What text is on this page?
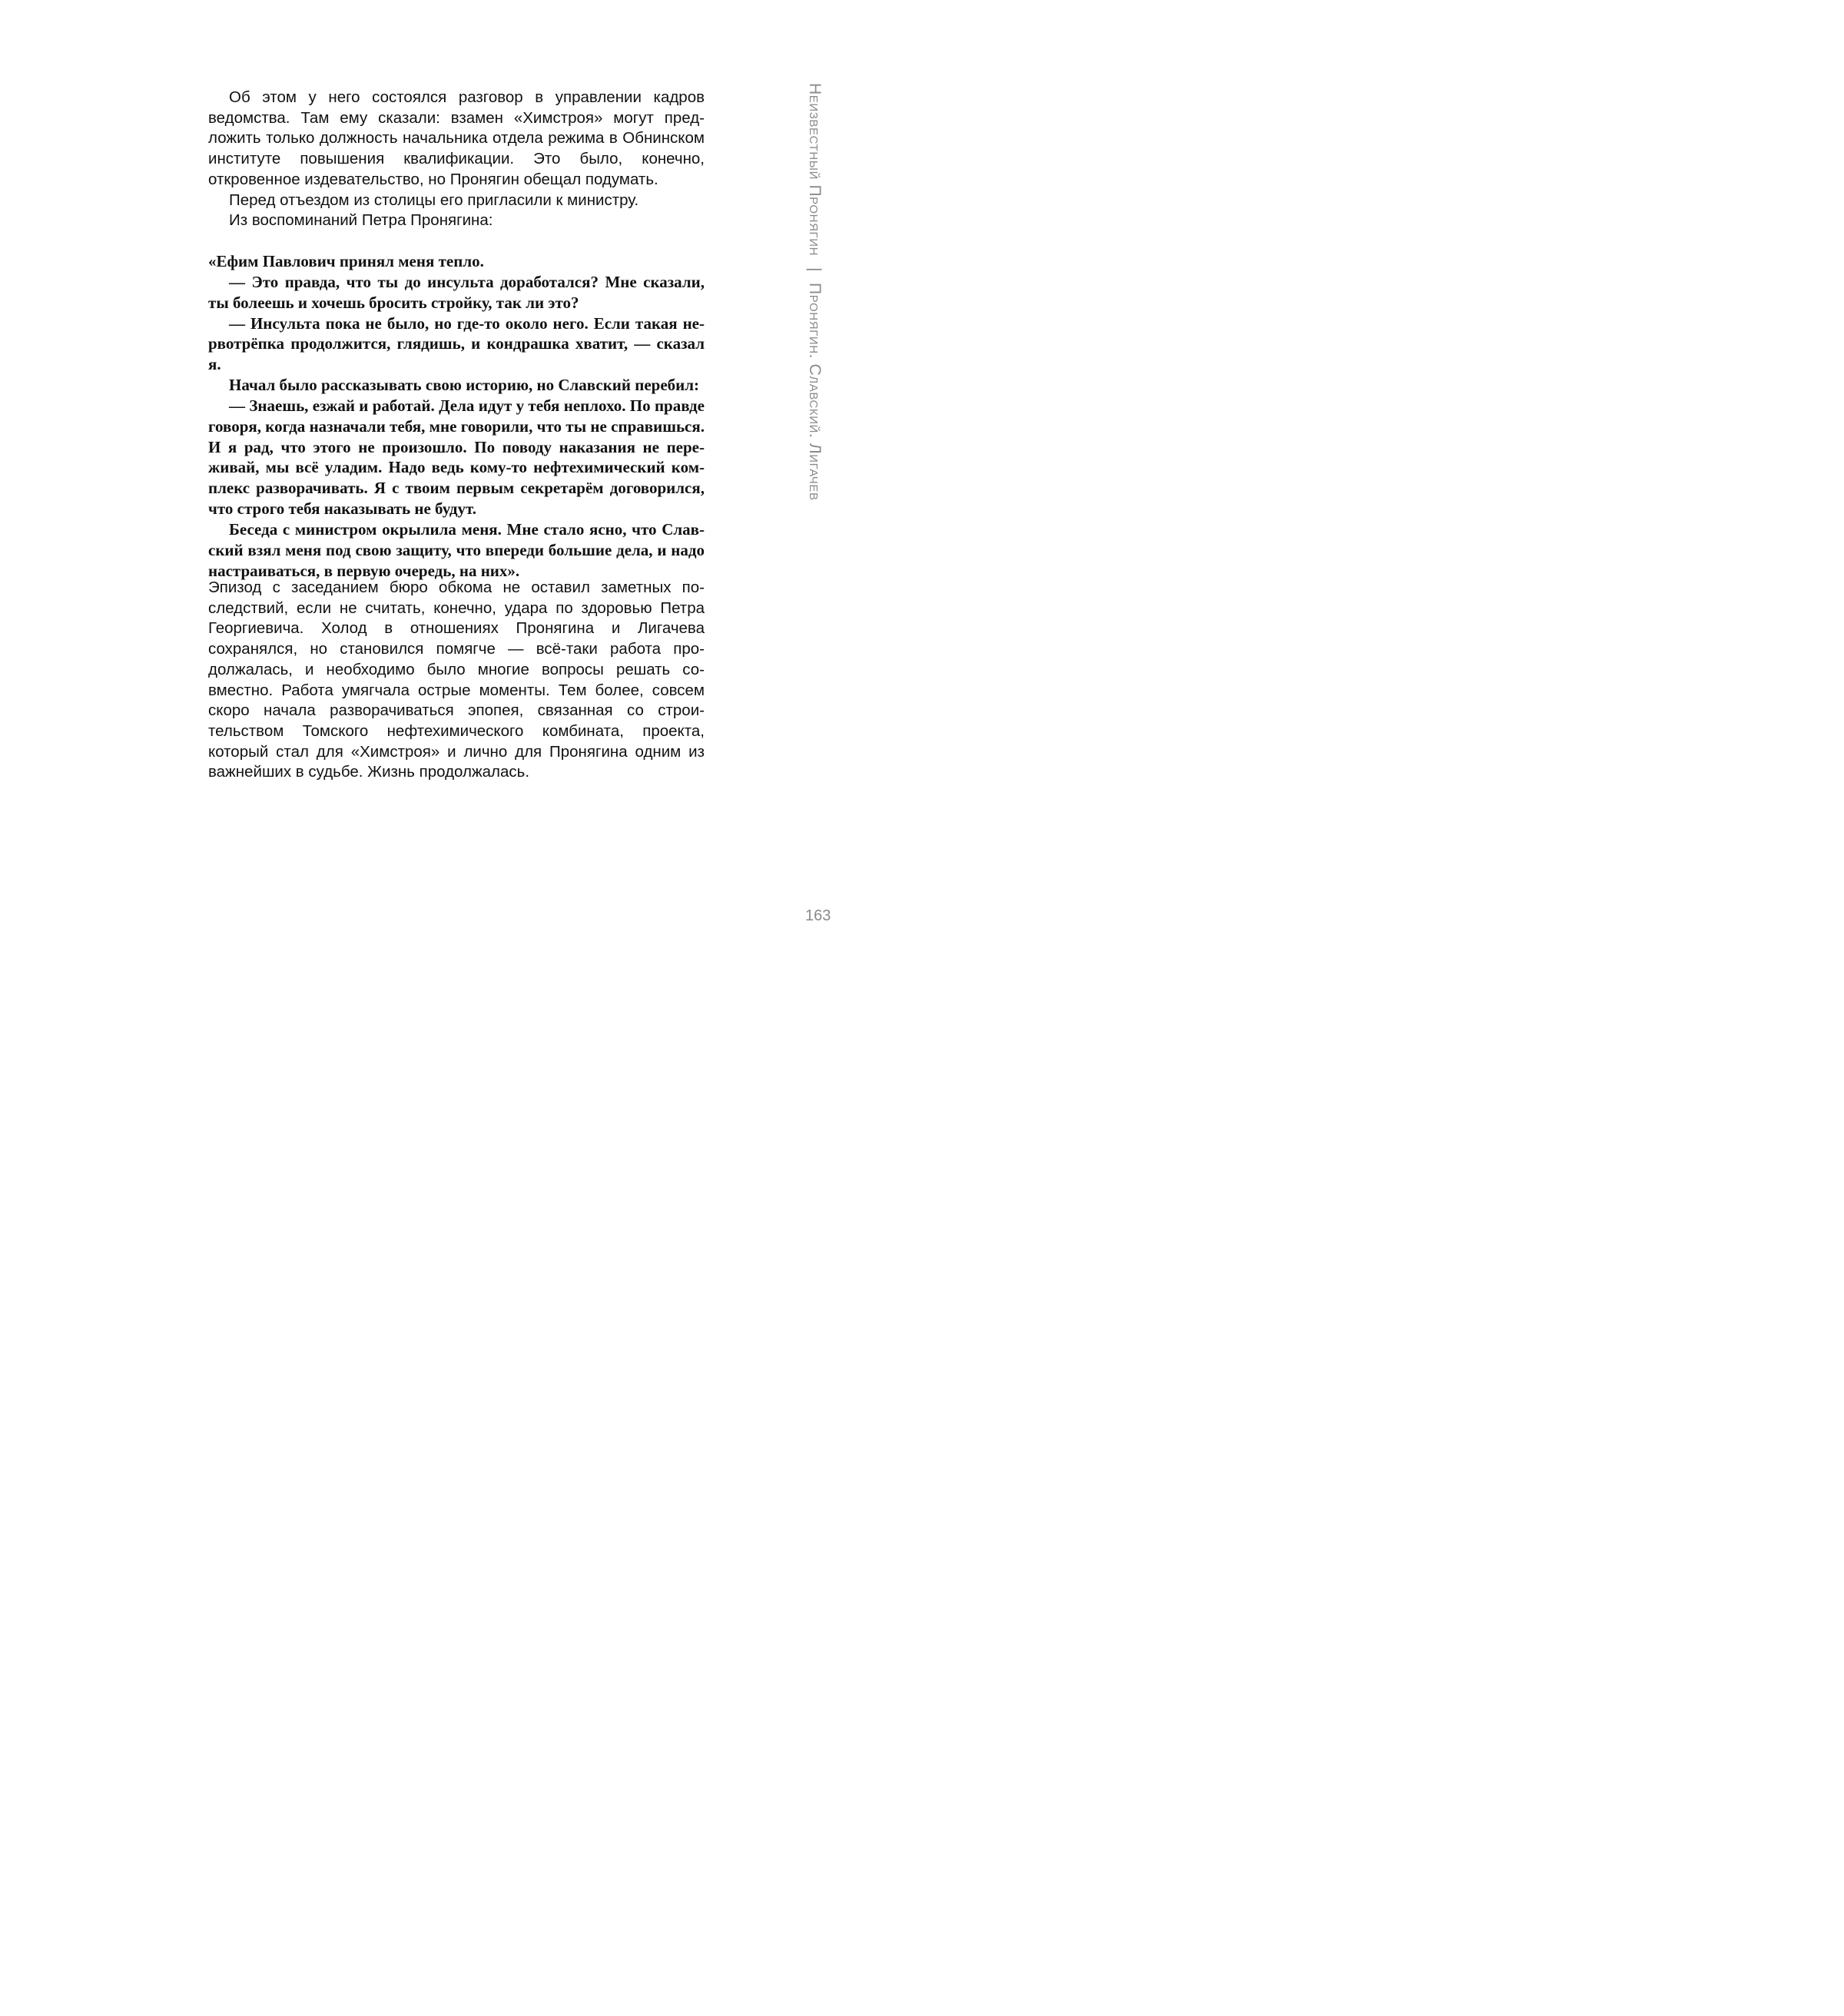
Об этом у него состоялся разговор в управлении кадров ведомства. Там ему сказали: взамен «Химстроя» могут предложить только должность начальника отдела режима в Обнинском институте повышения квалификации. Это было, конечно, откровенное издевательство, но Пронягин обещал подумать.

Перед отъездом из столицы его пригласили к министру.

Из воспоминаний Петра Пронягина:

«Ефим Павлович принял меня тепло.

— Это правда, что ты до инсульта доработался? Мне сказали, ты болеешь и хочешь бросить стройку, так ли это?

— Инсульта пока не было, но где-то около него. Если такая нервотрёпка продолжится, глядишь, и кондрашка хватит, — сказал я.

Начал было рассказывать свою историю, но Славский перебил:

— Знаешь, езжай и работай. Дела идут у тебя неплохо. По правде говоря, когда назначали тебя, мне говорили, что ты не справишься. И я рад, что этого не произошло. По поводу наказания не переживай, мы всё уладим. Надо ведь кому-то нефтехимический комплекс разворачивать. Я с твоим первым секретарём договорился, что строго тебя наказывать не будут.

Беседа с министром окрылила меня. Мне стало ясно, что Славский взял меня под свою защиту, что впереди большие дела, и надо настраиваться, в первую очередь, на них».

Эпизод с заседанием бюро обкома не оставил заметных последствий, если не считать, конечно, удара по здоровью Петра Георгиевича. Холод в отношениях Пронягина и Лигачева сохранялся, но становился помягче — всё-таки работа продолжалась, и необходимо было многие вопросы решать совместно. Работа умягчала острые моменты. Тем более, совсем скоро начала разворачиваться эпопея, связанная со строительством Томского нефтехимического комбината, проекта, который стал для «Химстроя» и лично для Пронягина одним из важнейших в судьбе. Жизнь продолжалась.

Неизвестный Пронягин | Пронягин. Славский. Лигачев
163
